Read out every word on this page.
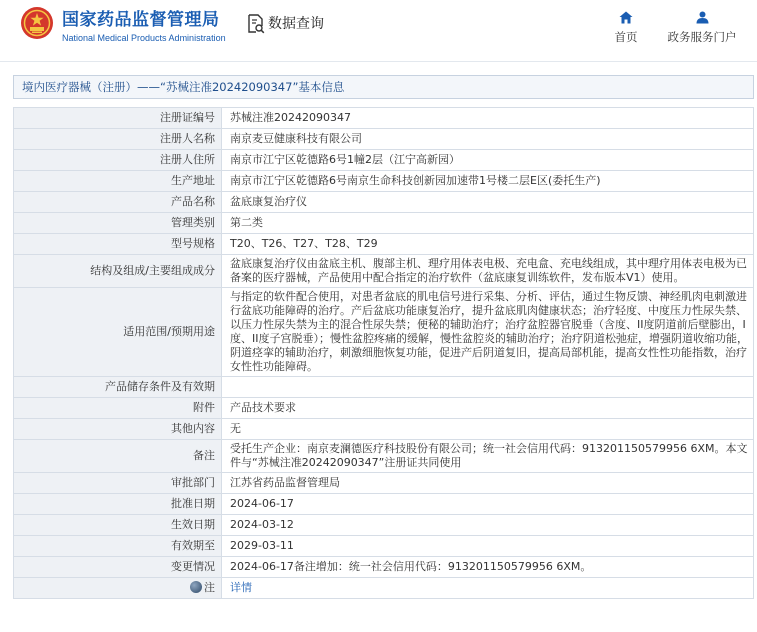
国家药品监督管理局
National Medical Products Administration
数据查询
首页	政务服务门户
境内医疗器械（注册）——“苏械注准20242090347”基本信息
注册证编号	苏械注准20242090347
注册人名称	南京麦豆健康科技有限公司
注册人住所	南京市江宁区乾德路6号1幢2层（江宁高新园）
生产地址	南京市江宁区乾德路6号南京生命科技创新园加速带1号楼二层E区(委托生产)
产品名称	盆底康复治疗仪
管理类别	第二类
型号规格	T20、T26、T27、T28、T29
结构及组成/主要组成成分	盆底康复治疗仪由盆底主机、腹部主机、理疗用体表电极、充电盒、充电线组成，其中理疗用体表电极为已备案的医疗器械，产品使用中配合指定的治疗软件（盆底康复训练软件，发布版本V1）使用。
适用范围/预期用途	与指定的软件配合使用，对患者盆底的肌电信号进行采集、分析、评估，通过生物反馈、神经肌肉电刺激进行盆底功能障碍的治疗。产后盆底功能康复治疗，提升盆底肌肉健康状态；治疗轻度、中度压力性尿失禁、以压力性尿失禁为主的混合性尿失禁；便秘的辅助治疗；治疗盆腔器官脱垂（含度、II度阴道前后壁膨出，I度、II度子宫脱垂）；慢性盆腔疼痛的缓解，慢性盆腔炎的辅助治疗；治疗阴道松弛症，增强阴道收缩功能，阴道痉挛的辅助治疗，刺激细胞恢复功能，促进产后阴道复旧，提高局部机能，提高女性性功能指数，治疗女性性功能障碍。
产品储存条件及有效期	
附件	产品技术要求
其他内容	无
备注	受托生产企业：南京麦澜德医疗科技股份有限公司；统一社会信用代码：913201150579956 6XM。本文件与“苏械注准20242090347”注册证共同使用
审批部门	江苏省药品监督管理局
批准日期	2024-06-17
生效日期	2024-03-12
有效期至	2029-03-11
变更情况	2024-06-17备注增加：统一社会信用代码：913201150579956 6XM。
注	详情
